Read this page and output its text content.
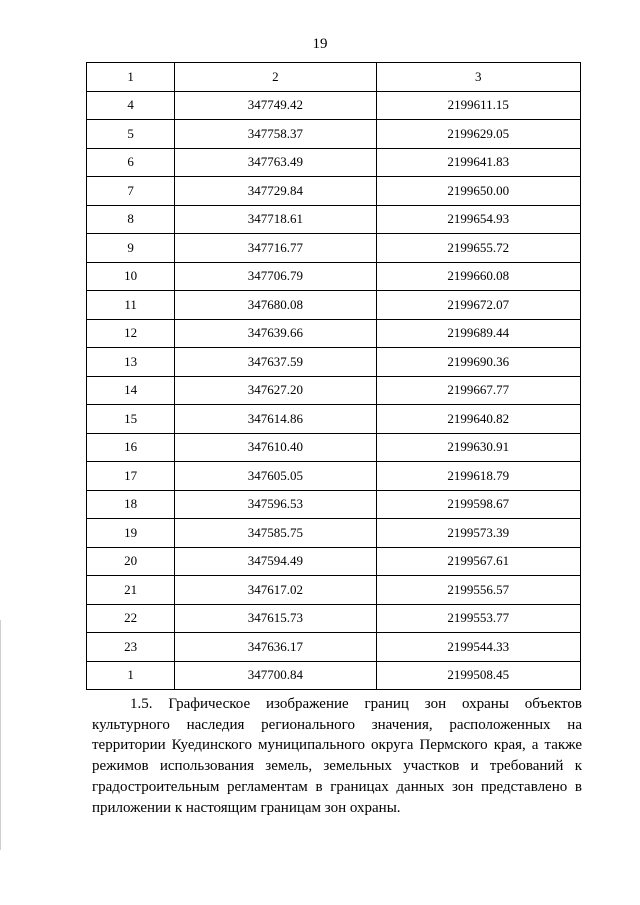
19
1	2	3
4	347749.42	2199611.15
5	347758.37	2199629.05
6	347763.49	2199641.83
7	347729.84	2199650.00
8	347718.61	2199654.93
9	347716.77	2199655.72
10	347706.79	2199660.08
11	347680.08	2199672.07
12	347639.66	2199689.44
13	347637.59	2199690.36
14	347627.20	2199667.77
15	347614.86	2199640.82
16	347610.40	2199630.91
17	347605.05	2199618.79
18	347596.53	2199598.67
19	347585.75	2199573.39
20	347594.49	2199567.61
21	347617.02	2199556.57
22	347615.73	2199553.77
23	347636.17	2199544.33
1	347700.84	2199508.45
1.5. Графическое изображение границ зон охраны объектов культурного наследия регионального значения, расположенных на территории Куединского муниципального округа Пермского края, а также режимов использования земель, земельных участков и требований к градостроительным регламентам в границах данных зон представлено в приложении к настоящим границам зон охраны.
